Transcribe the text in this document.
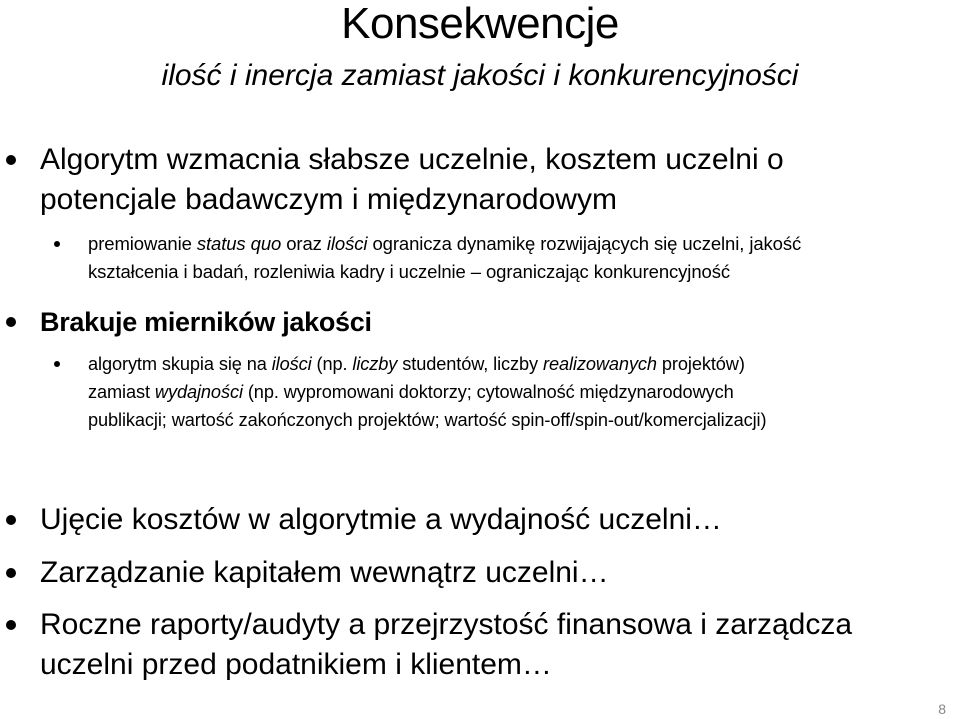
Konsekwencje
ilość i inercja zamiast jakości i konkurencyjności
Algorytm wzmacnia słabsze uczelnie, kosztem uczelni o
potencjale badawczym i międzynarodowym
premiowanie status quo oraz ilości ogranicza dynamikę rozwijających się uczelni, jakość
kształcenia i badań, rozleniwia kadry i uczelnie – ograniczając konkurencyjność
Brakuje mierników jakości
algorytm skupia się na ilości (np. liczby studentów, liczby realizowanych projektów)
zamiast wydajności (np. wypromowani doktorzy; cytowalność międzynarodowych
publikacji; wartość zakończonych projektów; wartość spin-off/spin-out/komercjalizacji)
Ujęcie kosztów w algorytmie a wydajność uczelni…
Zarządzanie kapitałem wewnątrz uczelni…
Roczne raporty/audyty a przejrzystość finansowa i zarządcza
uczelni przed podatnikiem i klientem…
8
